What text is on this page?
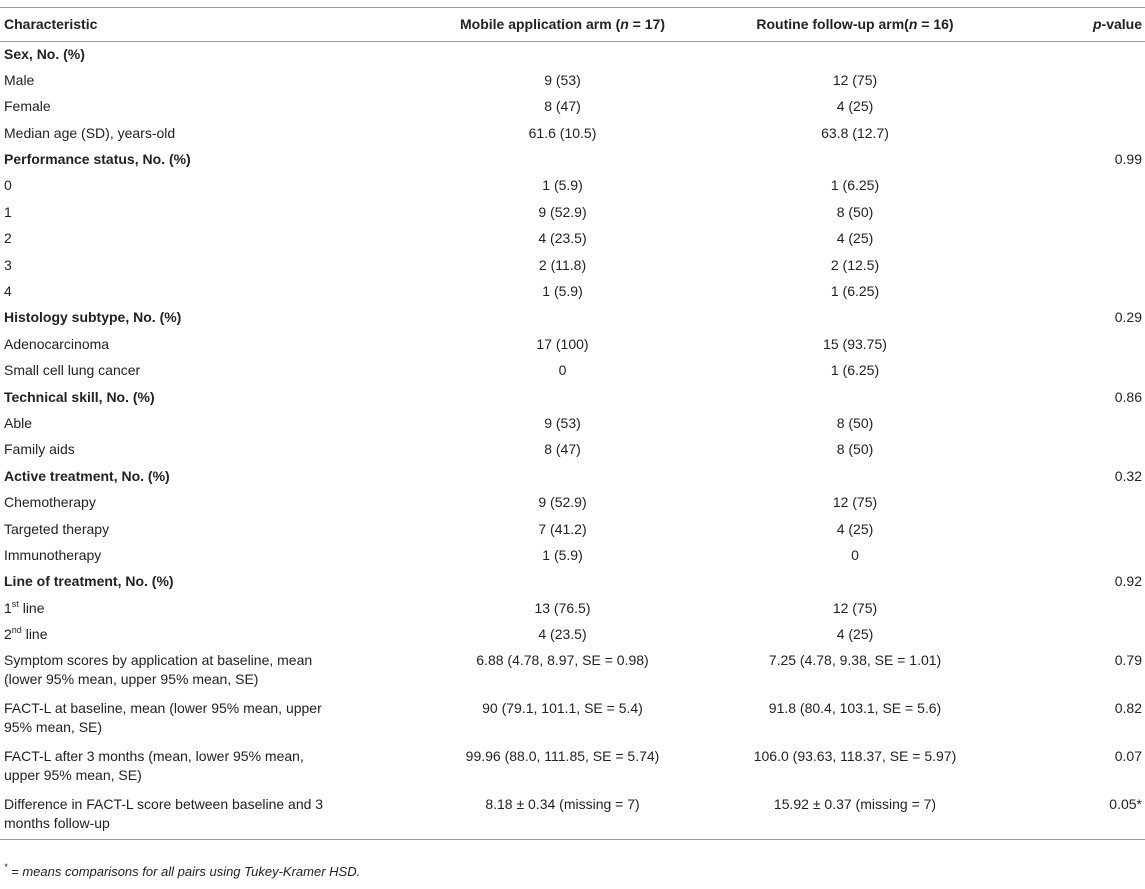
Characteristic	Mobile application arm (n = 17)	Routine follow-up arm(n = 16)	p-value
Sex, No. (%)			
Male	9 (53)	12 (75)	
Female	8 (47)	4 (25)	
Median age (SD), years-old	61.6 (10.5)	63.8 (12.7)	
Performance status, No. (%)			0.99
0	1 (5.9)	1 (6.25)	
1	9 (52.9)	8 (50)	
2	4 (23.5)	4 (25)	
3	2 (11.8)	2 (12.5)	
4	1 (5.9)	1 (6.25)	
Histology subtype, No. (%)			0.29
Adenocarcinoma	17 (100)	15 (93.75)	
Small cell lung cancer	0	1 (6.25)	
Technical skill, No. (%)			0.86
Able	9 (53)	8 (50)	
Family aids	8 (47)	8 (50)	
Active treatment, No. (%)			0.32
Chemotherapy	9 (52.9)	12 (75)	
Targeted therapy	7 (41.2)	4 (25)	
Immunotherapy	1 (5.9)	0	
Line of treatment, No. (%)			0.92
1st line	13 (76.5)	12 (75)	
2nd line	4 (23.5)	4 (25)	
Symptom scores by application at baseline, mean
(lower 95% mean, upper 95% mean, SE)	6.88 (4.78, 8.97, SE = 0.98)	7.25 (4.78, 9.38, SE = 1.01)	0.79
FACT-L at baseline, mean (lower 95% mean, upper
95% mean, SE)	90 (79.1, 101.1, SE = 5.4)	91.8 (80.4, 103.1, SE = 5.6)	0.82
FACT-L after 3 months (mean, lower 95% mean,
upper 95% mean, SE)	99.96 (88.0, 111.85, SE = 5.74)	106.0 (93.63, 118.37, SE = 5.97)	0.07
Difference in FACT-L score between baseline and 3
months follow-up	8.18 ± 0.34 (missing = 7)	15.92 ± 0.37 (missing = 7)	0.05*
* = means comparisons for all pairs using Tukey-Kramer HSD.
